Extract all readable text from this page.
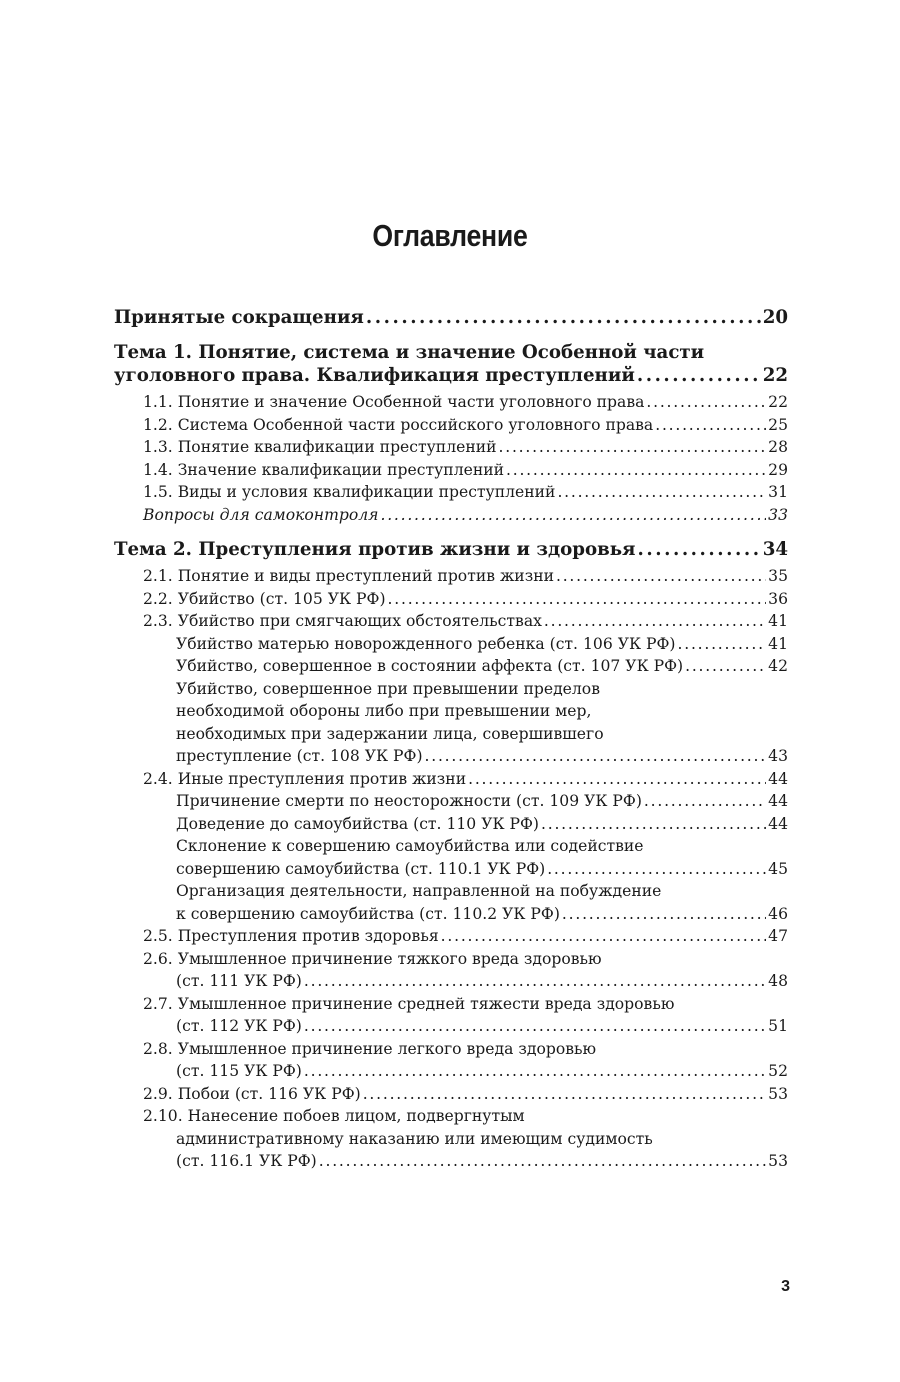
Оглавление
Принятые сокращения . . .	20
Тема 1. Понятие, система и значение Особенной части
уголовного права. Квалификация преступлений . . .	22
1.1. Понятие и значение Особенной части уголовного права . . .	22
1.2. Система Особенной части российского уголовного права . . .	25
1.3. Понятие квалификации преступлений . . .	28
1.4. Значение квалификации преступлений . . .	29
1.5. Виды и условия квалификации преступлений . . .	31
Вопросы для самоконтроля . . .	33
Тема 2. Преступления против жизни и здоровья . . .	34
2.1. Понятие и виды преступлений против жизни . . .	35
2.2. Убийство (ст. 105 УК РФ) . . .	36
2.3. Убийство при смягчающих обстоятельствах . . .	41
Убийство матерью новорожденного ребенка (ст. 106 УК РФ) . . .	41
Убийство, совершенное в состоянии аффекта (ст. 107 УК РФ) . . .	42
Убийство, совершенное при превышении пределов
необходимой обороны либо при превышении мер,
необходимых при задержании лица, совершившего
преступление (ст. 108 УК РФ) . . .	43
2.4. Иные преступления против жизни . . .	44
Причинение смерти по неосторожности (ст. 109 УК РФ) . . .	44
Доведение до самоубийства (ст. 110 УК РФ) . . .	44
Склонение к совершению самоубийства или содействие
совершению самоубийства (ст. 110.1 УК РФ) . . .	45
Организация деятельности, направленной на побуждение
к совершению самоубийства (ст. 110.2 УК РФ) . . .	46
2.5. Преступления против здоровья . . .	47
2.6. Умышленное причинение тяжкого вреда здоровью
(ст. 111 УК РФ) . . .	48
2.7. Умышленное причинение средней тяжести вреда здоровью
(ст. 112 УК РФ) . . .	51
2.8. Умышленное причинение легкого вреда здоровью
(ст. 115 УК РФ) . . .	52
2.9. Побои (ст. 116 УК РФ) . . .	53
2.10. Нанесение побоев лицом, подвергнутым
административному наказанию или имеющим судимость
(ст. 116.1 УК РФ) . . .	53
3
